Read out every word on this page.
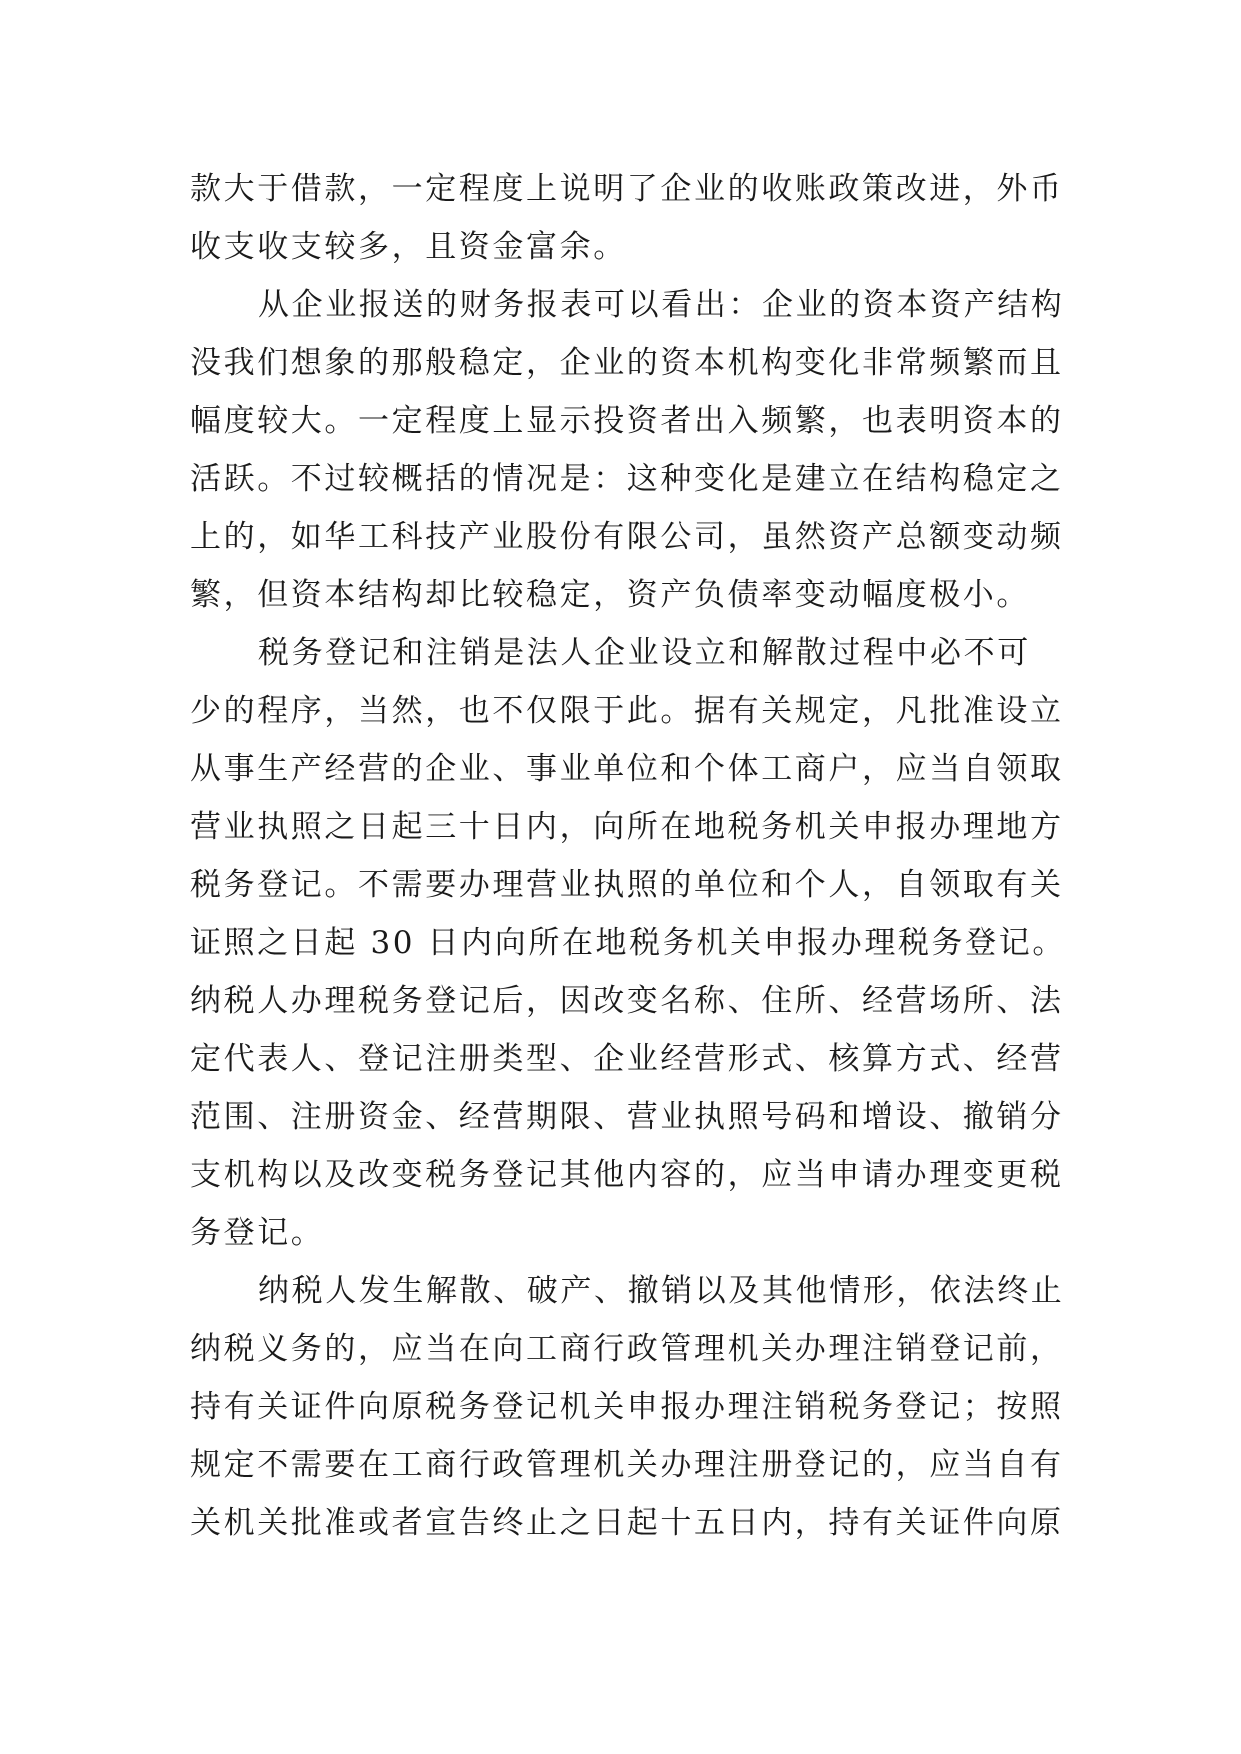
款大于借款，一定程度上说明了企业的收账政策改进，外币
收支收支较多，且资金富余。
从企业报送的财务报表可以看出：企业的资本资产结构
没我们想象的那般稳定，企业的资本机构变化非常频繁而且
幅度较大。一定程度上显示投资者出入频繁，也表明资本的
活跃。不过较概括的情况是：这种变化是建立在结构稳定之
上的，如华工科技产业股份有限公司，虽然资产总额变动频
繁，但资本结构却比较稳定，资产负债率变动幅度极小。
税务登记和注销是法人企业设立和解散过程中必不可
少的程序，当然，也不仅限于此。据有关规定，凡批准设立
从事生产经营的企业、事业单位和个体工商户，应当自领取
营业执照之日起三十日内，向所在地税务机关申报办理地方
税务登记。不需要办理营业执照的单位和个人，自领取有关
证照之日起 30 日内向所在地税务机关申报办理税务登记。
纳税人办理税务登记后，因改变名称、住所、经营场所、法
定代表人、登记注册类型、企业经营形式、核算方式、经营
范围、注册资金、经营期限、营业执照号码和增设、撤销分
支机构以及改变税务登记其他内容的，应当申请办理变更税
务登记。
纳税人发生解散、破产、撤销以及其他情形，依法终止
纳税义务的，应当在向工商行政管理机关办理注销登记前，
持有关证件向原税务登记机关申报办理注销税务登记；按照
规定不需要在工商行政管理机关办理注册登记的，应当自有
关机关批准或者宣告终止之日起十五日内，持有关证件向原
